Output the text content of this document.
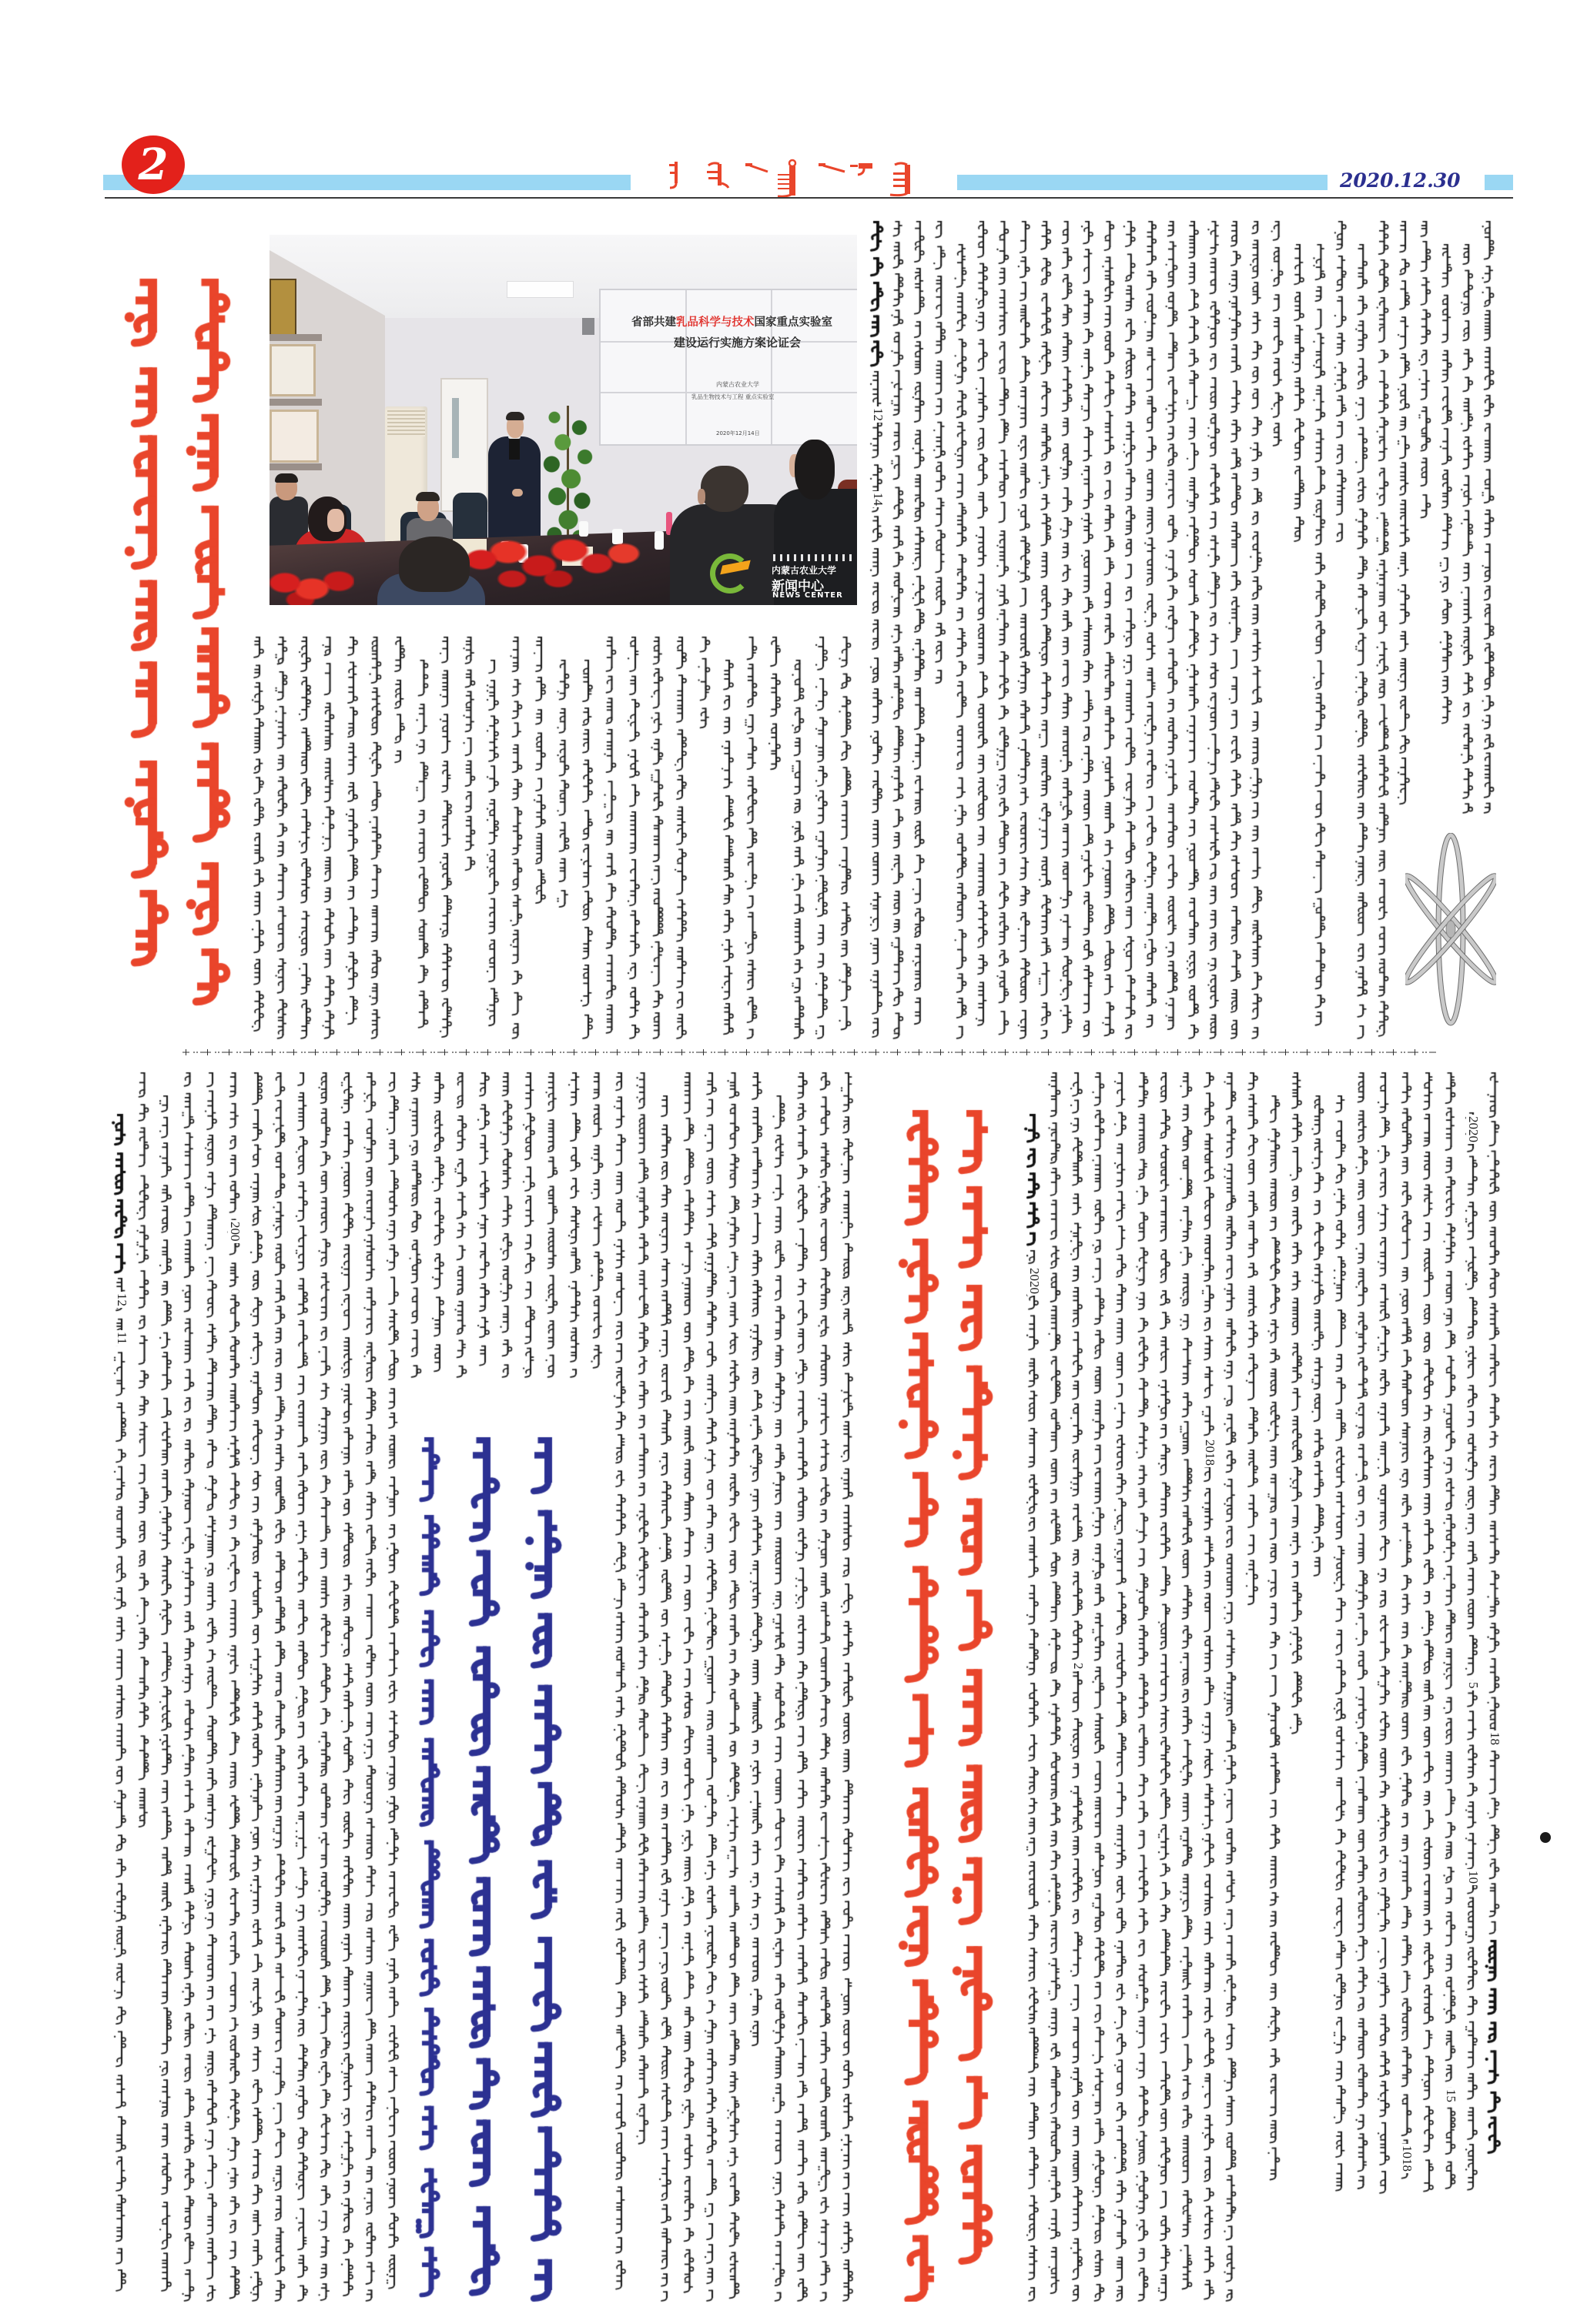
2	2020.12.30
省部共建乳品科学与技术国家重点实验室
建设运行实施方案论证会
内蒙古农业大学
乳品生物技术与工程 重点实验室
2020年12月14日
内蒙古农业大学
新闻中心
NEWS CENTER
12
14
200
12
11
2020
2020
2018
2
5
18
10
15
1018
